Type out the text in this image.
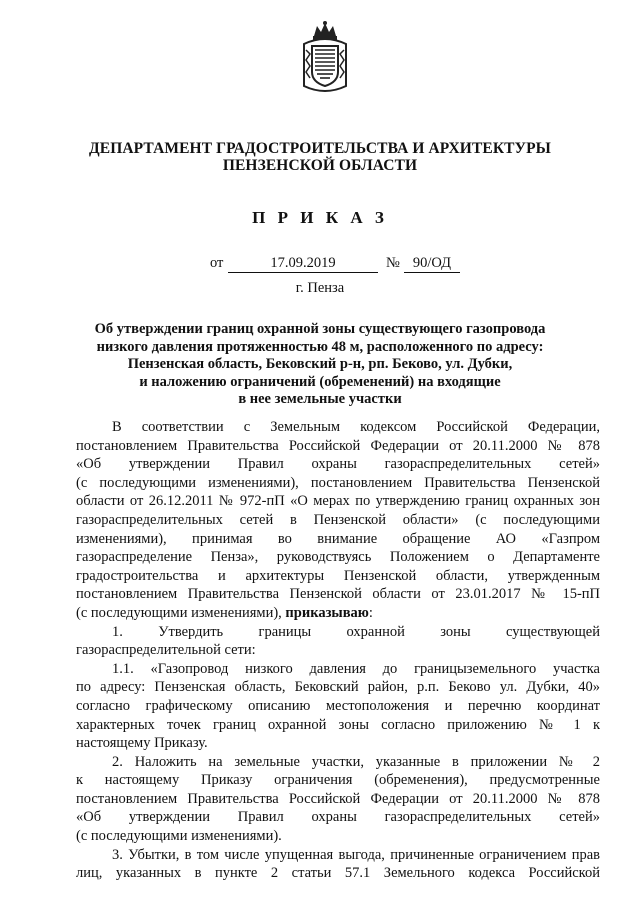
ДЕПАРТАМЕНТ ГРАДОСТРОИТЕЛЬСТВА И АРХИТЕКТУРЫ
ПЕНЗЕНСКОЙ ОБЛАСТИ
П Р И К А З
от	17.09.2019	№ 90/ОД
г. Пенза
Об утверждении границ охранной зоны существующего газопровода
низкого давления протяженностью 48 м, расположенного по адресу:
Пензенская область, Бековский р-н, рп. Беково, ул. Дубки,
и наложению ограничений (обременений) на входящие
в нее земельные участки
В соответствии с Земельным кодексом Российской Федерации,
постановлением Правительства Российской Федерации от 20.11.2000 № 878
«Об утверждении Правил охраны газораспределительных сетей»
(с последующими изменениями), постановлением Правительства Пензенской
области от 26.12.2011 № 972-пП «О мерах по утверждению границ охранных зон
газораспределительных сетей в Пензенской области» (с последующими
изменениями), принимая во внимание обращение АО «Газпром
газораспределение Пенза», руководствуясь Положением о Департаменте
градостроительства и архитектуры Пензенской области, утвержденным
постановлением Правительства Пензенской области от 23.01.2017 № 15-пП
(с последующими изменениями), приказываю:
1. Утвердить границы охранной зоны существующей
газораспределительной сети:
1.1. «Газопровод низкого давления до границыземельного участка
по адресу: Пензенская область, Бековский район, р.п. Беково ул. Дубки, 40»
согласно графическому описанию местоположения и перечню координат
характерных точек границ охранной зоны согласно приложению № 1 к
настоящему Приказу.
2. Наложить на земельные участки, указанные в приложении № 2
к настоящему Приказу ограничения (обременения), предусмотренные
постановлением Правительства Российской Федерации от 20.11.2000 № 878
«Об утверждении Правил охраны газораспределительных сетей»
(с последующими изменениями).
3. Убытки, в том числе упущенная выгода, причиненные ограничением прав
лиц, указанных в пункте 2 статьи 57.1 Земельного кодекса Российской
